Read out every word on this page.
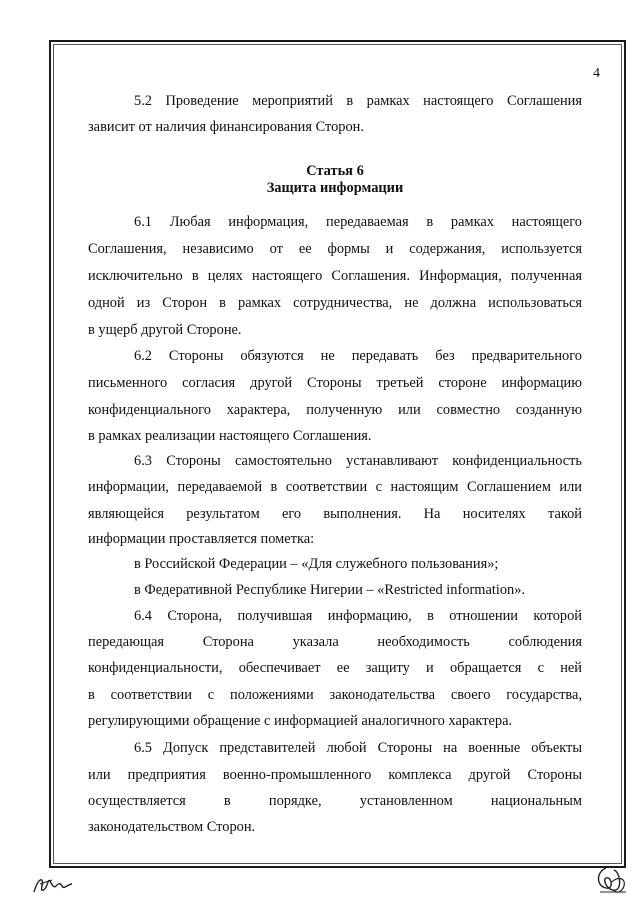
4
5.2 Проведение мероприятий в рамках настоящего Соглашения
зависит от наличия финансирования Сторон.
Статья 6
Защита информации
6.1 Любая информация, передаваемая в рамках настоящего
Соглашения, независимо от ее формы и содержания, используется
исключительно в целях настоящего Соглашения. Информация, полученная
одной из Сторон в рамках сотрудничества, не должна использоваться
в ущерб другой Стороне.
6.2 Стороны обязуются не передавать без предварительного
письменного согласия другой Стороны третьей стороне информацию
конфиденциального характера, полученную или совместно созданную
в рамках реализации настоящего Соглашения.
6.3 Стороны самостоятельно устанавливают конфиденциальность
информации, передаваемой в соответствии с настоящим Соглашением или
являющейся результатом его выполнения. На носителях такой
информации проставляется пометка:
в Российской Федерации – «Для служебного пользования»;
в Федеративной Республике Нигерии – «Restricted information».
6.4 Сторона, получившая информацию, в отношении которой
передающая Сторона указала необходимость соблюдения
конфиденциальности, обеспечивает ее защиту и обращается с ней
в соответствии с положениями законодательства своего государства,
регулирующими обращение с информацией аналогичного характера.
6.5 Допуск представителей любой Стороны на военные объекты
или предприятия военно-промышленного комплекса другой Стороны
осуществляется в порядке, установленном национальным
законодательством Сторон.
